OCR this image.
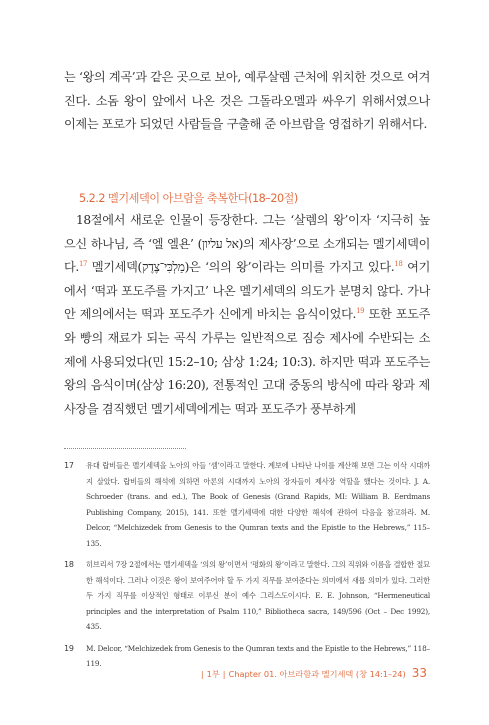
는 ‘왕의 계곡’과 같은 곳으로 보아, 예루살렘 근처에 위치한 것으로 여겨진다. 소돔 왕이 앞에서 나온 것은 그돌라오멜과 싸우기 위해서였으나 이제는 포로가 되었던 사람들을 구출해 준 아브람을 영접하기 위해서다.

5.2.2 멜기세덱이 아브람을 축복한다(18–20절)

18절에서 새로운 인물이 등장한다. 그는 ‘살렘의 왕’이자 ‘지극히 높으신 하나님, 즉 ‘엘 엘욘’ (אל עליון)의 제사장’으로 소개되는 멜기세덱이다.$^{17}$ 멜기세덱(מַלְכִּי־צֶדֶק)은 ‘의의 왕’이라는 의미를 가지고 있다.$^{18}$ 여기에서 ‘떡과 포도주를 가지고’ 나온 멜기세덱의 의도가 분명치 않다. 가나안 제의에서는 떡과 포도주가 신에게 바치는 음식이었다.$^{19}$ 또한 포도주와 빵의 재료가 되는 곡식 가루는 일반적으로 짐승 제사에 수반되는 소제에 사용되었다(민 15:2–10; 삼상 1:24; 10:3). 하지만 떡과 포도주는 왕의 음식이며(삼상 16:20), 전통적인 고대 중동의 방식에 따라 왕과 제사장을 겸직했던 멜기세덱에게는 떡과 포도주가 풍부하게

17 유대 랍비들은 멜기세덱을 노아의 아들 ‘셈’이라고 말한다. 계보에 나타난 나이를 계산해 보면 그는 이삭 시대까지 살았다. 랍비들의 해석에 의하면 아론의 시대까지 노아의 장자들이 제사장 역할을 했다는 것이다. J. A. Schroeder (trans. and ed.), The Book of Genesis (Grand Rapids, MI: William B. Eerdmans Publishing Company, 2015), 141. 또한 멜기세덱에 대한 다양한 해석에 관하여 다음을 참고하라. M. Delcor, “Melchizedek from Genesis to the Qumran texts and the Epistle to the Hebrews,” 115–135.

18 히브리서 7장 2절에서는 멜기세덱을 ‘의의 왕’이면서 ‘평화의 왕’이라고 말한다. 그의 직위와 이름을 결합한 절묘한 해석이다. 그러나 이것은 왕이 보여주어야 할 두 가지 직무를 보여준다는 의미에서 새롭 의미가 있다. 그러한 두 가지 직무를 이상적인 형태로 이루신 분이 예수 그리스도이시다. E. E. Johnson, “Hermeneutical principles and the interpretation of Psalm 110,” Bibliotheca sacra, 149/596 (Oct – Dec 1992), 435.

19 M. Delcor, “Melchizedek from Genesis to the Qumran texts and the Epistle to the Hebrews,” 118–119.

| 1부 | Chapter 01. 아브라함과 멜기세덱 (창 14:1–24) 33
